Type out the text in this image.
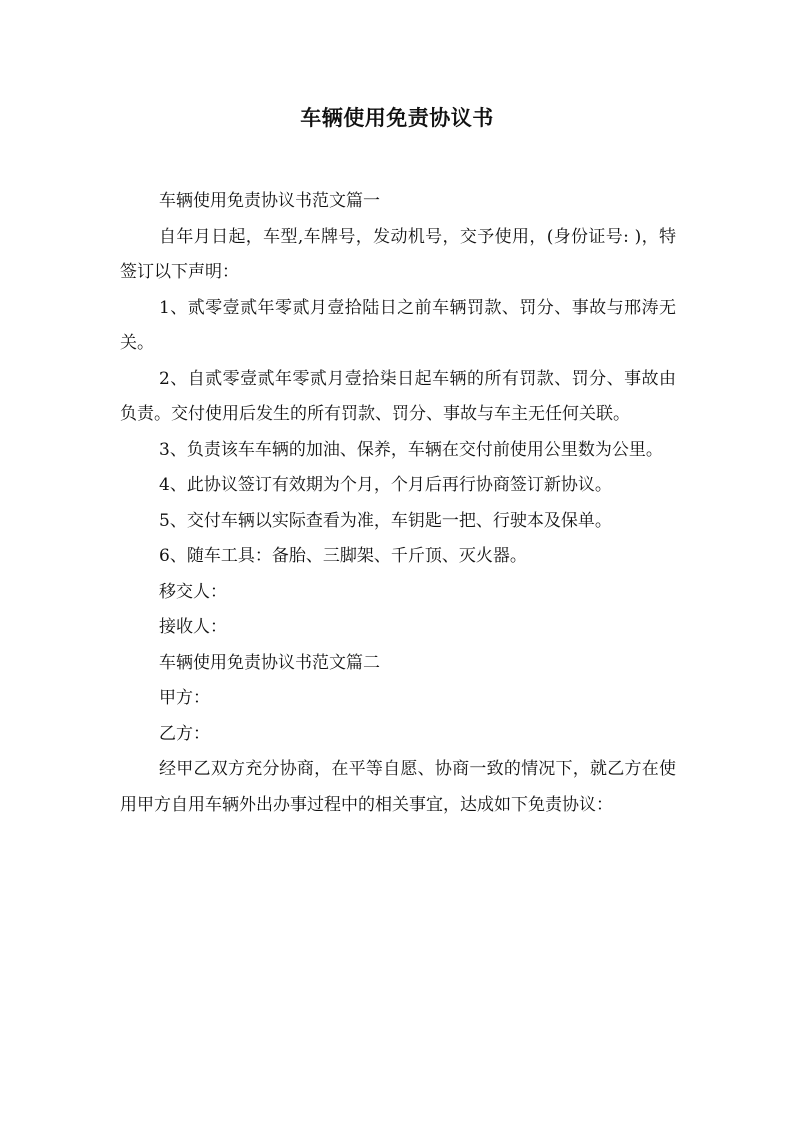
车辆使用免责协议书

车辆使用免责协议书范文篇一

自年月日起，车型,车牌号，发动机号，交予使用，(身份证号: )，特签订以下声明：

1、贰零壹贰年零贰月壹拾陆日之前车辆罚款、罚分、事故与邢涛无关。

2、自贰零壹贰年零贰月壹拾柒日起车辆的所有罚款、罚分、事故由负责。交付使用后发生的所有罚款、罚分、事故与车主无任何关联。

3、负责该车车辆的加油、保养，车辆在交付前使用公里数为公里。

4、此协议签订有效期为个月，个月后再行协商签订新协议。

5、交付车辆以实际查看为准，车钥匙一把、行驶本及保单。

6、随车工具：备胎、三脚架、千斤顶、灭火器。

移交人：

接收人：

车辆使用免责协议书范文篇二

甲方：

乙方：

经甲乙双方充分协商，在平等自愿、协商一致的情况下，就乙方在使用甲方自用车辆外出办事过程中的相关事宜，达成如下免责协议：
